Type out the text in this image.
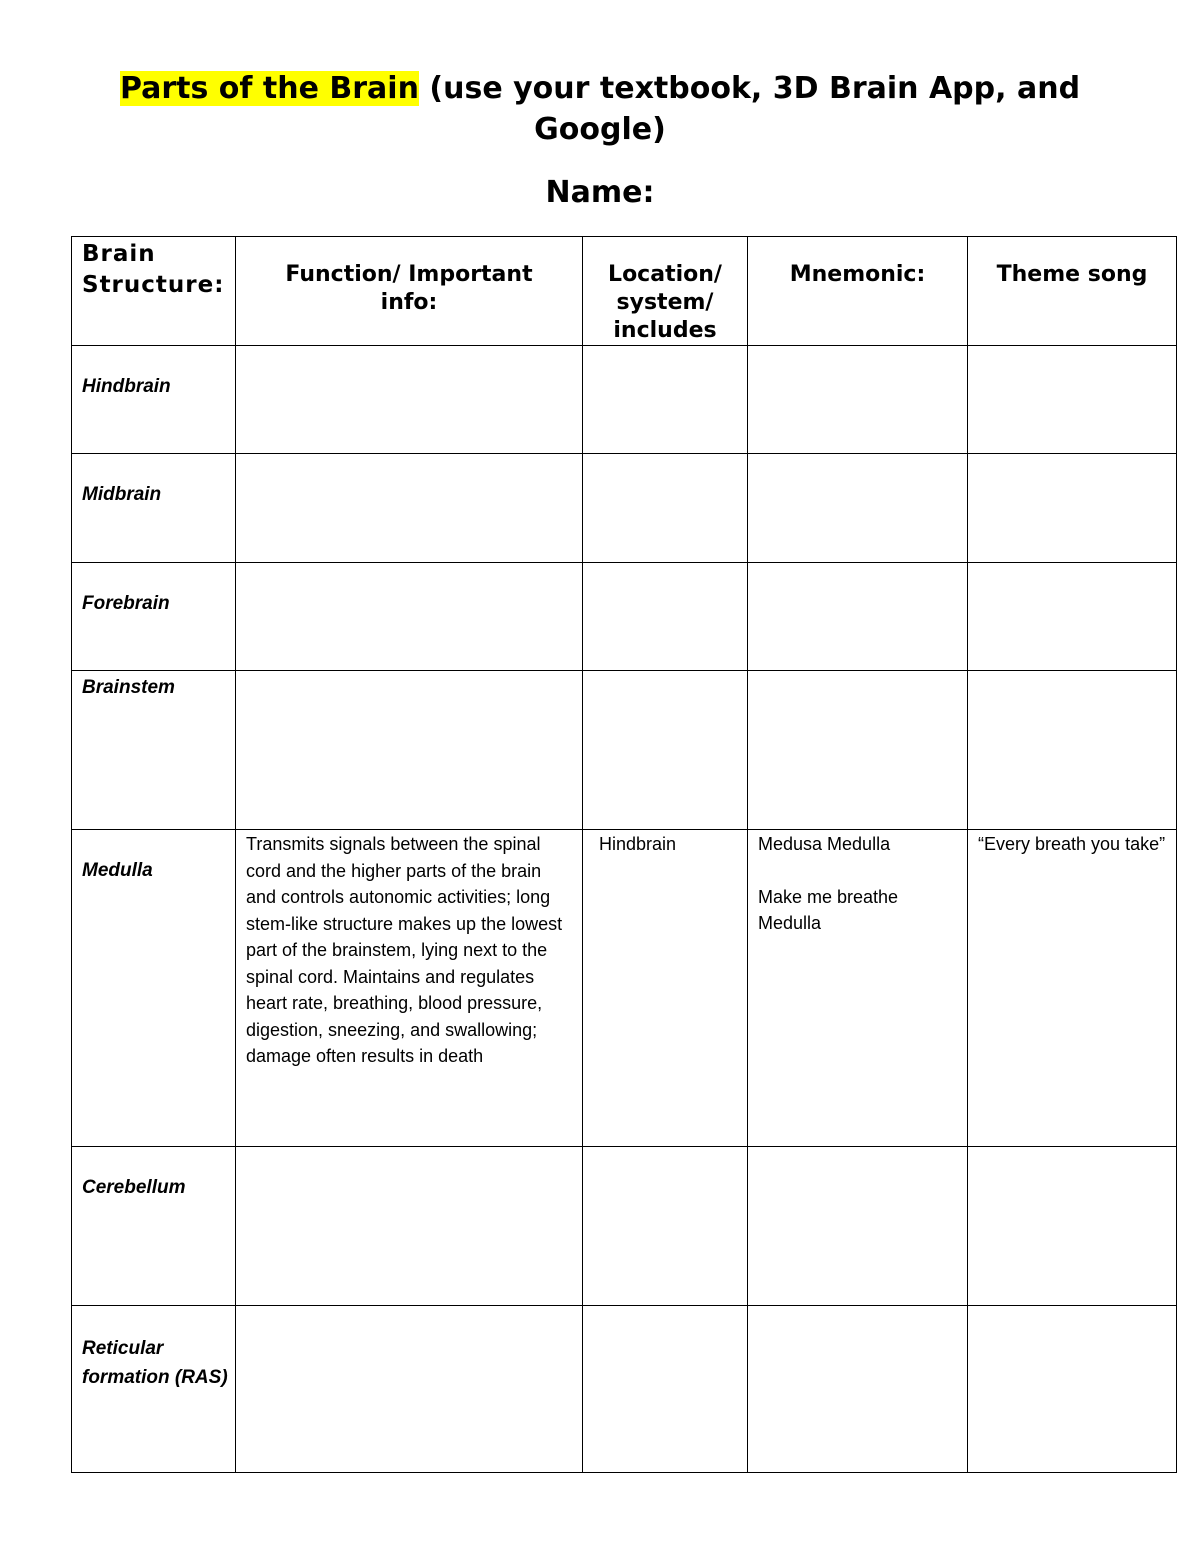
Parts of the Brain (use your textbook, 3D Brain App, and
Google)
Name:
Brain Structure:	Function/ Important info:	Location/ system/ includes	Mnemonic:	Theme song
Hindbrain				
Midbrain				
Forebrain				
Brainstem				
Medulla	Transmits signals between the spinal cord and the higher parts of the brain and controls autonomic activities; long stem-like structure makes up the lowest part of the brainstem, lying next to the spinal cord. Maintains and regulates heart rate, breathing, blood pressure, digestion, sneezing, and swallowing; damage often results in death	Hindbrain	Medusa Medulla

Make me breathe Medulla	“Every breath you take”

Cerebellum				
Reticular formation (RAS)				
